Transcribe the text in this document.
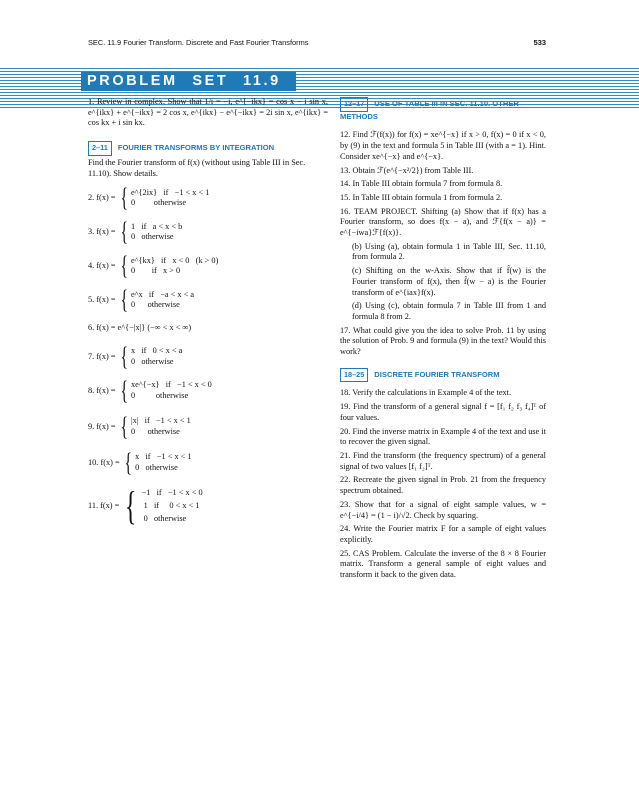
SEC. 11.9 Fourier Transform. Discrete and Fast Fourier Transforms	533
PROBLEM SET 11.9

1. Review in complex. Show that 1/i = −i, e^{−ikx} = cos x − i sin x, e^{ikx} + e^{−ikx} = 2 cos x, e^{ikx} − e^{−ikx} = 2i sin x, e^{ikx} = cos kx + i sin kx.

2–11 FOURIER TRANSFORMS BY INTEGRATION

Find the Fourier transform of f(x) (without using Table III in Sec. 11.10). Show details.

2. f(x) = { e^{2ix}   if   −1 < x < 1
0         otherwise
3. f(x) = { 1   if   a < x < b
0   otherwise
4. f(x) = { e^{kx}   if   x < 0   (k > 0)
0        if   x > 0
5. f(x) = { e^x   if   −a < x < a
0      otherwise

6. f(x) = e^{−|x|} (−∞ < x < ∞)

7. f(x) = { x   if   0 < x < a
0   otherwise
8. f(x) = { xe^{−x}   if   −1 < x < 0
0          otherwise
9. f(x) = { |x|   if   −1 < x < 1
0      otherwise
10. f(x) = { x   if   −1 < x < 1
0   otherwise
11. f(x) = { −1   if   −1 < x < 0
1   if     0 < x < 1
0   otherwise

12–17 USE OF TABLE III IN SEC. 11.10. OTHER METHODS

12. Find ℱ(f(x)) for f(x) = xe^{−x} if x > 0, f(x) = 0 if x < 0, by (9) in the text and formula 5 in Table III (with a = 1). Hint. Consider xe^{−x} and e^{−x}.

13. Obtain ℱ(e^{−x²/2}) from Table III.

14. In Table III obtain formula 7 from formula 8.

15. In Table III obtain formula 1 from formula 2.

16. TEAM PROJECT. Shifting (a) Show that if f(x) has a Fourier transform, so does f(x − a), and ℱ{f(x − a)} = e^{−iwa}ℱ{f(x)}.

(b) Using (a), obtain formula 1 in Table III, Sec. 11.10, from formula 2.

(c) Shifting on the w-Axis. Show that if f̂(w) is the Fourier transform of f(x), then f̂(w − a) is the Fourier transform of e^{iax}f(x).

(d) Using (c), obtain formula 7 in Table III from 1 and formula 8 from 2.

17. What could give you the idea to solve Prob. 11 by using the solution of Prob. 9 and formula (9) in the text? Would this work?

18–25 DISCRETE FOURIER TRANSFORM

18. Verify the calculations in Example 4 of the text.

19. Find the transform of a general signal f = [f₁ f₂ f₃ f₄]ᵀ of four values.

20. Find the inverse matrix in Example 4 of the text and use it to recover the given signal.

21. Find the transform (the frequency spectrum) of a general signal of two values [f₁ f₂]ᵀ.

22. Recreate the given signal in Prob. 21 from the frequency spectrum obtained.

23. Show that for a signal of eight sample values, w = e^{−i/4} = (1 − i)/√2. Check by squaring.

24. Write the Fourier matrix F for a sample of eight values explicitly.

25. CAS Problem. Calculate the inverse of the 8 × 8 Fourier matrix. Transform a general sample of eight values and transform it back to the given data.
